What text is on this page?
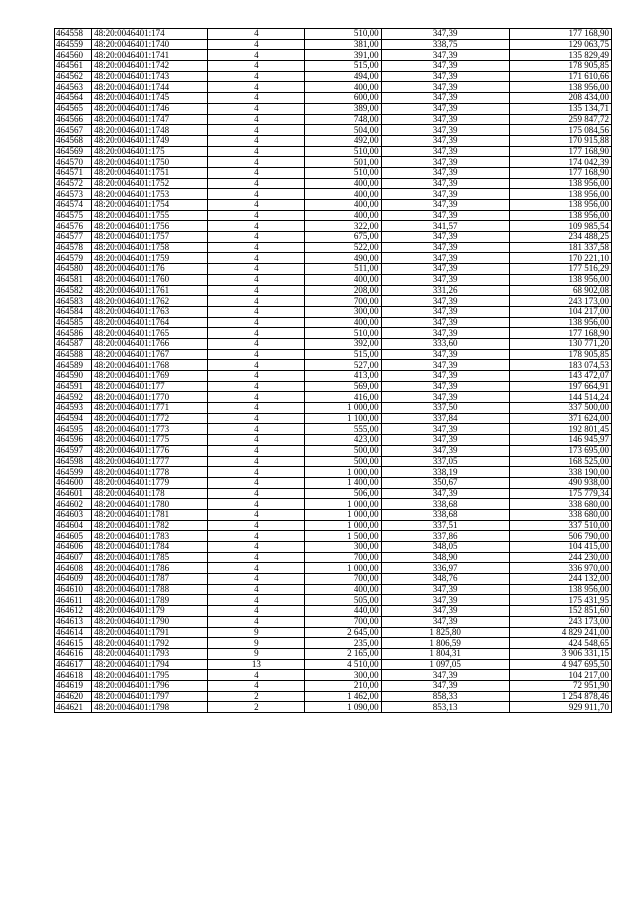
464558	48:20:0046401:174	4	510,00	347,39	177 168,90
464559	48:20:0046401:1740	4	381,00	338,75	129 063,75
464560	48:20:0046401:1741	4	391,00	347,39	135 829,49
464561	48:20:0046401:1742	4	515,00	347,39	178 905,85
464562	48:20:0046401:1743	4	494,00	347,39	171 610,66
464563	48:20:0046401:1744	4	400,00	347,39	138 956,00
464564	48:20:0046401:1745	4	600,00	347,39	208 434,00
464565	48:20:0046401:1746	4	389,00	347,39	135 134,71
464566	48:20:0046401:1747	4	748,00	347,39	259 847,72
464567	48:20:0046401:1748	4	504,00	347,39	175 084,56
464568	48:20:0046401:1749	4	492,00	347,39	170 915,88
464569	48:20:0046401:175	4	510,00	347,39	177 168,90
464570	48:20:0046401:1750	4	501,00	347,39	174 042,39
464571	48:20:0046401:1751	4	510,00	347,39	177 168,90
464572	48:20:0046401:1752	4	400,00	347,39	138 956,00
464573	48:20:0046401:1753	4	400,00	347,39	138 956,00
464574	48:20:0046401:1754	4	400,00	347,39	138 956,00
464575	48:20:0046401:1755	4	400,00	347,39	138 956,00
464576	48:20:0046401:1756	4	322,00	341,57	109 985,54
464577	48:20:0046401:1757	4	675,00	347,39	234 488,25
464578	48:20:0046401:1758	4	522,00	347,39	181 337,58
464579	48:20:0046401:1759	4	490,00	347,39	170 221,10
464580	48:20:0046401:176	4	511,00	347,39	177 516,29
464581	48:20:0046401:1760	4	400,00	347,39	138 956,00
464582	48:20:0046401:1761	4	208,00	331,26	68 902,08
464583	48:20:0046401:1762	4	700,00	347,39	243 173,00
464584	48:20:0046401:1763	4	300,00	347,39	104 217,00
464585	48:20:0046401:1764	4	400,00	347,39	138 956,00
464586	48:20:0046401:1765	4	510,00	347,39	177 168,90
464587	48:20:0046401:1766	4	392,00	333,60	130 771,20
464588	48:20:0046401:1767	4	515,00	347,39	178 905,85
464589	48:20:0046401:1768	4	527,00	347,39	183 074,53
464590	48:20:0046401:1769	4	413,00	347,39	143 472,07
464591	48:20:0046401:177	4	569,00	347,39	197 664,91
464592	48:20:0046401:1770	4	416,00	347,39	144 514,24
464593	48:20:0046401:1771	4	1 000,00	337,50	337 500,00
464594	48:20:0046401:1772	4	1 100,00	337,84	371 624,00
464595	48:20:0046401:1773	4	555,00	347,39	192 801,45
464596	48:20:0046401:1775	4	423,00	347,39	146 945,97
464597	48:20:0046401:1776	4	500,00	347,39	173 695,00
464598	48:20:0046401:1777	4	500,00	337,05	168 525,00
464599	48:20:0046401:1778	4	1 000,00	338,19	338 190,00
464600	48:20:0046401:1779	4	1 400,00	350,67	490 938,00
464601	48:20:0046401:178	4	506,00	347,39	175 779,34
464602	48:20:0046401:1780	4	1 000,00	338,68	338 680,00
464603	48:20:0046401:1781	4	1 000,00	338,68	338 680,00
464604	48:20:0046401:1782	4	1 000,00	337,51	337 510,00
464605	48:20:0046401:1783	4	1 500,00	337,86	506 790,00
464606	48:20:0046401:1784	4	300,00	348,05	104 415,00
464607	48:20:0046401:1785	4	700,00	348,90	244 230,00
464608	48:20:0046401:1786	4	1 000,00	336,97	336 970,00
464609	48:20:0046401:1787	4	700,00	348,76	244 132,00
464610	48:20:0046401:1788	4	400,00	347,39	138 956,00
464611	48:20:0046401:1789	4	505,00	347,39	175 431,95
464612	48:20:0046401:179	4	440,00	347,39	152 851,60
464613	48:20:0046401:1790	4	700,00	347,39	243 173,00
464614	48:20:0046401:1791	9	2 645,00	1 825,80	4 829 241,00
464615	48:20:0046401:1792	9	235,00	1 806,59	424 548,65
464616	48:20:0046401:1793	9	2 165,00	1 804,31	3 906 331,15
464617	48:20:0046401:1794	13	4 510,00	1 097,05	4 947 695,50
464618	48:20:0046401:1795	4	300,00	347,39	104 217,00
464619	48:20:0046401:1796	4	210,00	347,39	72 951,90
464620	48:20:0046401:1797	2	1 462,00	858,33	1 254 878,46
464621	48:20:0046401:1798	2	1 090,00	853,13	929 911,70
